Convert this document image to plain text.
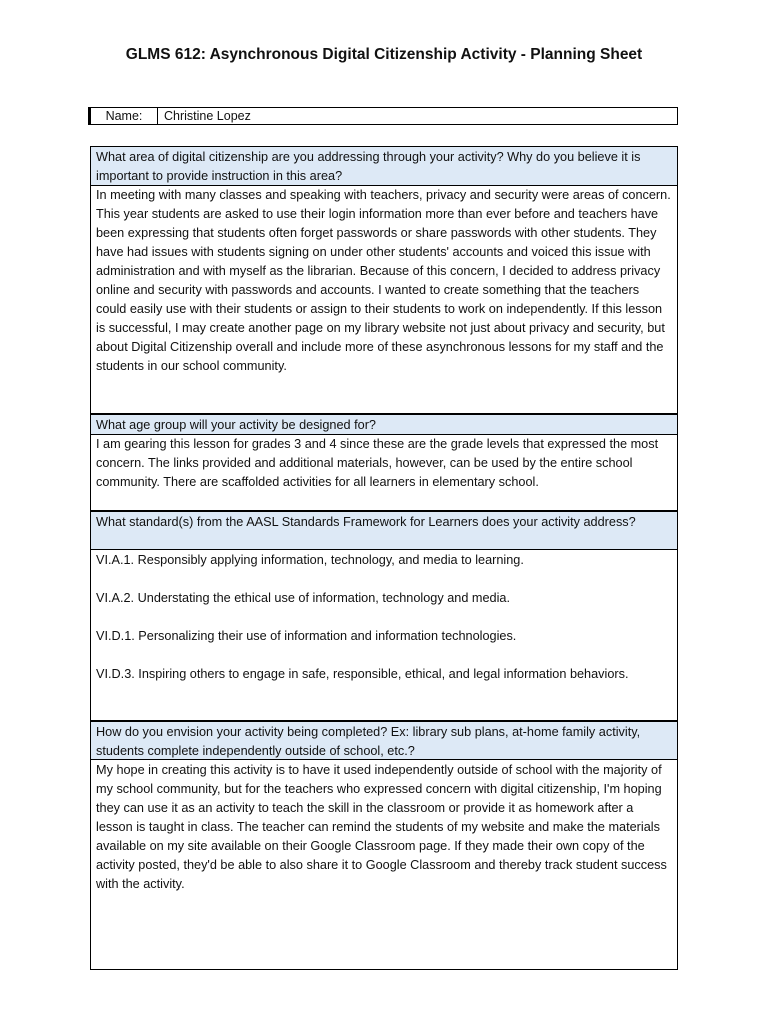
GLMS 612: Asynchronous Digital Citizenship Activity - Planning Sheet
Name:	Christine Lopez
What area of digital citizenship are you addressing through your activity? Why do you believe it is important to provide instruction in this area?

In meeting with many classes and speaking with teachers, privacy and security were areas of concern. This year students are asked to use their login information more than ever before and teachers have been expressing that students often forget passwords or share passwords with other students. They have had issues with students signing on under other students' accounts and voiced this issue with administration and with myself as the librarian. Because of this concern, I decided to address privacy online and security with passwords and accounts. I wanted to create something that the teachers could easily use with their students or assign to their students to work on independently. If this lesson is successful, I may create another page on my library website not just about privacy and security, but about Digital Citizenship overall and include more of these asynchronous lessons for my staff and the students in our school community.

What age group will your activity be designed for?

I am gearing this lesson for grades 3 and 4 since these are the grade levels that expressed the most concern. The links provided and additional materials, however, can be used by the entire school community. There are scaffolded activities for all learners in elementary school.

What standard(s) from the AASL Standards Framework for Learners does your activity address?

VI.A.1. Responsibly applying information, technology, and media to learning.

VI.A.2. Understating the ethical use of information, technology and media.

VI.D.1. Personalizing their use of information and information technologies.

VI.D.3. Inspiring others to engage in safe, responsible, ethical, and legal information behaviors.

How do you envision your activity being completed? Ex: library sub plans, at-home family activity, students complete independently outside of school, etc.?

My hope in creating this activity is to have it used independently outside of school with the majority of my school community, but for the teachers who expressed concern with digital citizenship, I'm hoping they can use it as an activity to teach the skill in the classroom or provide it as homework after a lesson is taught in class. The teacher can remind the students of my website and make the materials available on my site available on their Google Classroom page. If they made their own copy of the activity posted, they'd be able to also share it to Google Classroom and thereby track student success with the activity.
